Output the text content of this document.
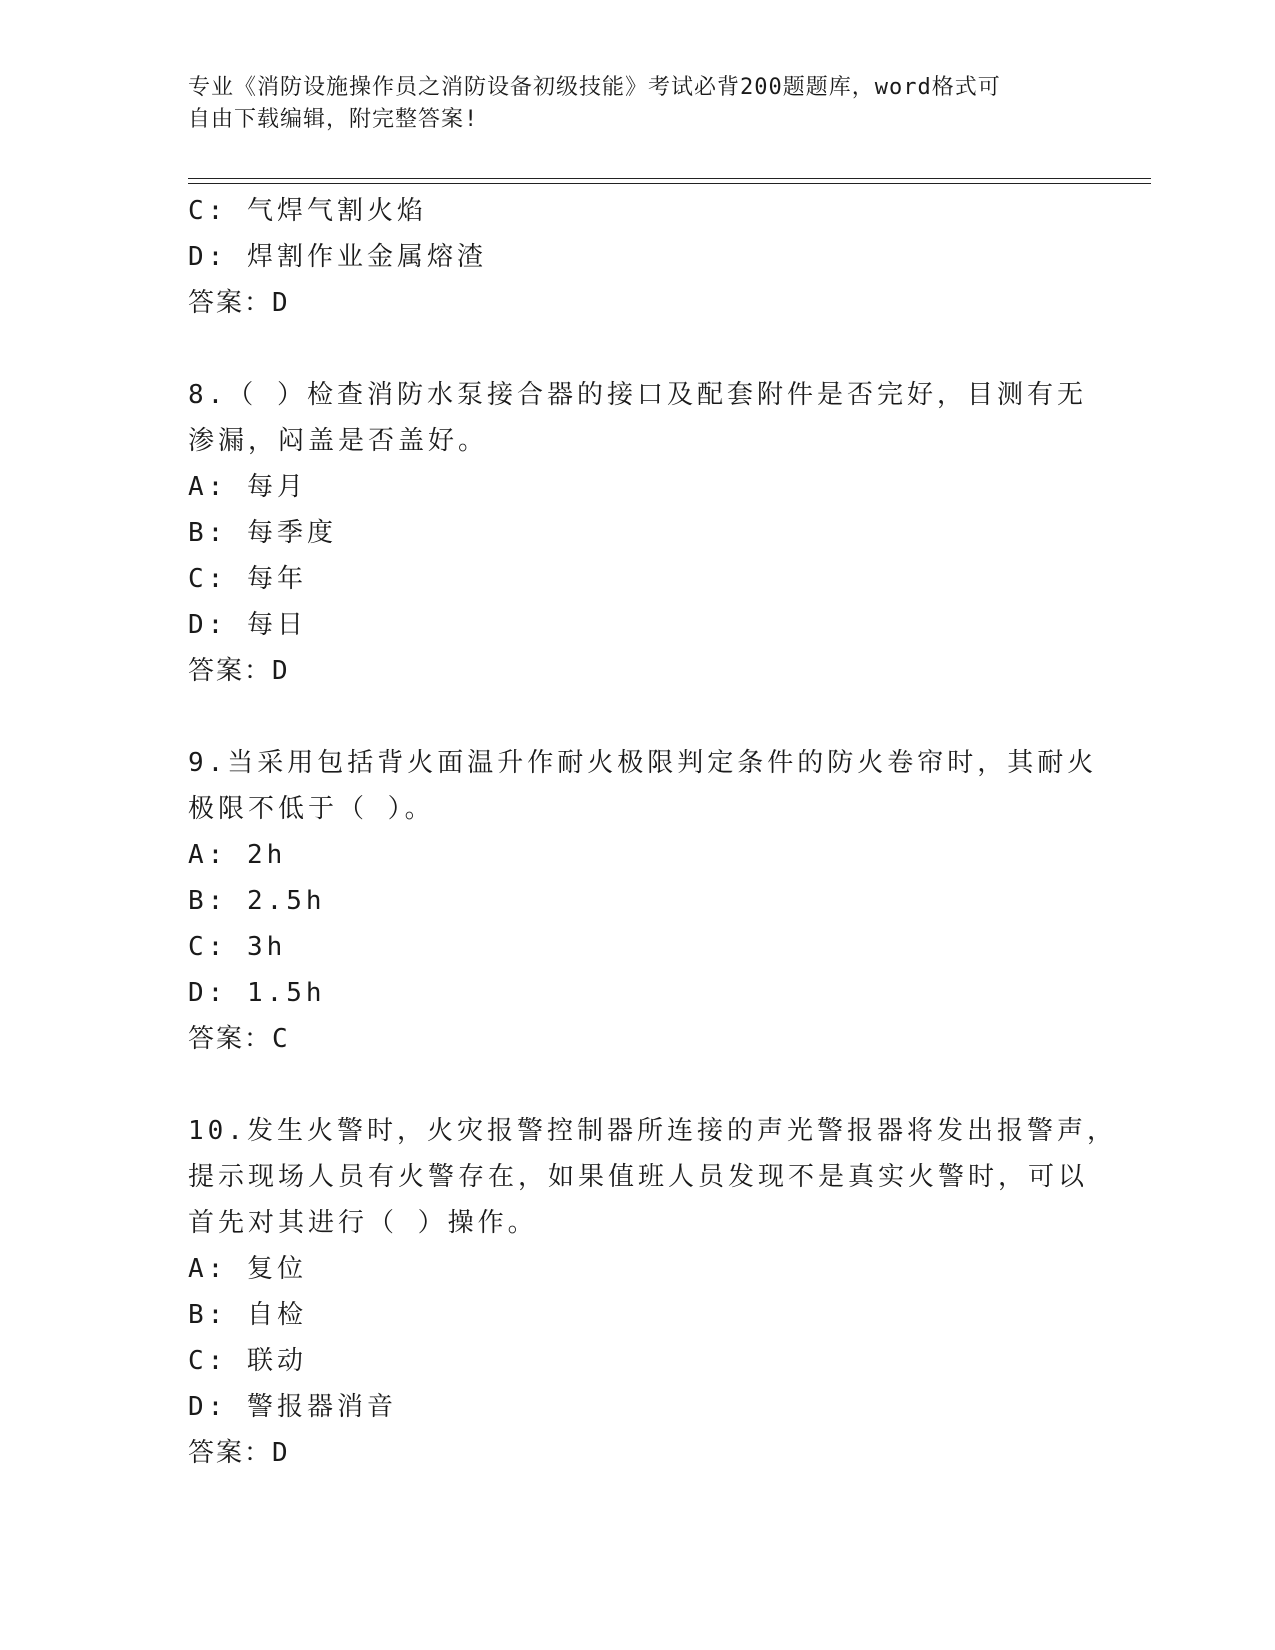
专业《消防设施操作员之消防设备初级技能》考试必背200题题库，word格式可
自由下载编辑，附完整答案!
C: 气焊气割火焰
D: 焊割作业金属熔渣
答案：D
8.（ ）检查消防水泵接合器的接口及配套附件是否完好，目测有无
渗漏，闷盖是否盖好。
A: 每月
B: 每季度
C: 每年
D: 每日
答案：D
9.当采用包括背火面温升作耐火极限判定条件的防火卷帘时，其耐火
极限不低于（ ）。
A: 2h
B: 2.5h
C: 3h
D: 1.5h
答案：C
10.发生火警时，火灾报警控制器所连接的声光警报器将发出报警声，
提示现场人员有火警存在，如果值班人员发现不是真实火警时，可以
首先对其进行（ ）操作。
A: 复位
B: 自检
C: 联动
D: 警报器消音
答案：D
